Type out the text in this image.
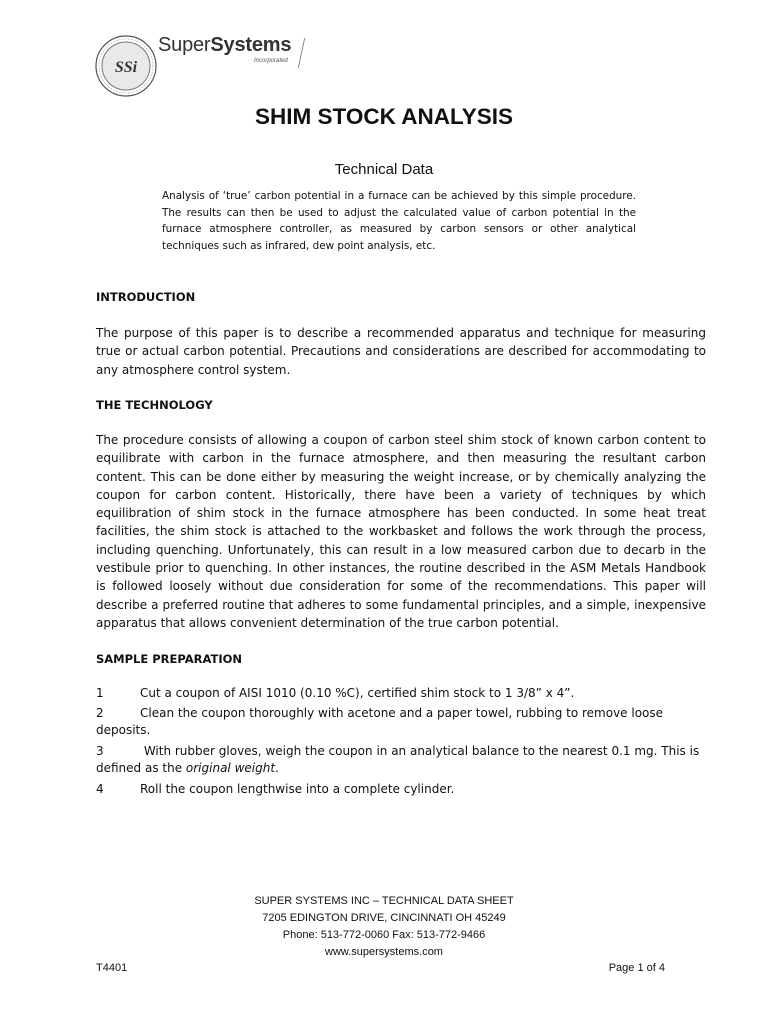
SSi
SuperSystems
Incorporated
SHIM STOCK ANALYSIS
Technical Data
Analysis of ‘true’ carbon potential in a furnace can be achieved by this simple procedure. The results can then be used to adjust the calculated value of carbon potential in the furnace atmosphere controller, as measured by carbon sensors or other analytical techniques such as infrared, dew point analysis, etc.
INTRODUCTION
The purpose of this paper is to describe a recommended apparatus and technique for measuring true or actual carbon potential. Precautions and considerations are described for accommodating to any atmosphere control system.
THE TECHNOLOGY
The procedure consists of allowing a coupon of carbon steel shim stock of known carbon content to equilibrate with carbon in the furnace atmosphere, and then measuring the resultant carbon content. This can be done either by measuring the weight increase, or by chemically analyzing the coupon for carbon content. Historically, there have been a variety of techniques by which equilibration of shim stock in the furnace atmosphere has been conducted. In some heat treat facilities, the shim stock is attached to the workbasket and follows the work through the process, including quenching. Unfortunately, this can result in a low measured carbon due to decarb in the vestibule prior to quenching. In other instances, the routine described in the ASM Metals Handbook is followed loosely without due consideration for some of the recommendations. This paper will describe a preferred routine that adheres to some fundamental principles, and a simple, inexpensive apparatus that allows convenient determination of the true carbon potential.
SAMPLE PREPARATION
1	Cut a coupon of AISI 1010 (0.10 %C), certified shim stock to 1 3/8” x 4”.
2	Clean the coupon thoroughly with acetone and a paper towel, rubbing to remove loose deposits.
3	With rubber gloves, weigh the coupon in an analytical balance to the nearest 0.1 mg. This is defined as the original weight.
4	Roll the coupon lengthwise into a complete cylinder.
SUPER SYSTEMS INC – TECHNICAL DATA SHEET
7205 EDINGTON DRIVE, CINCINNATI OH 45249
Phone: 513-772-0060 Fax: 513-772-9466
www.supersystems.com
T4401	Page 1 of 4
